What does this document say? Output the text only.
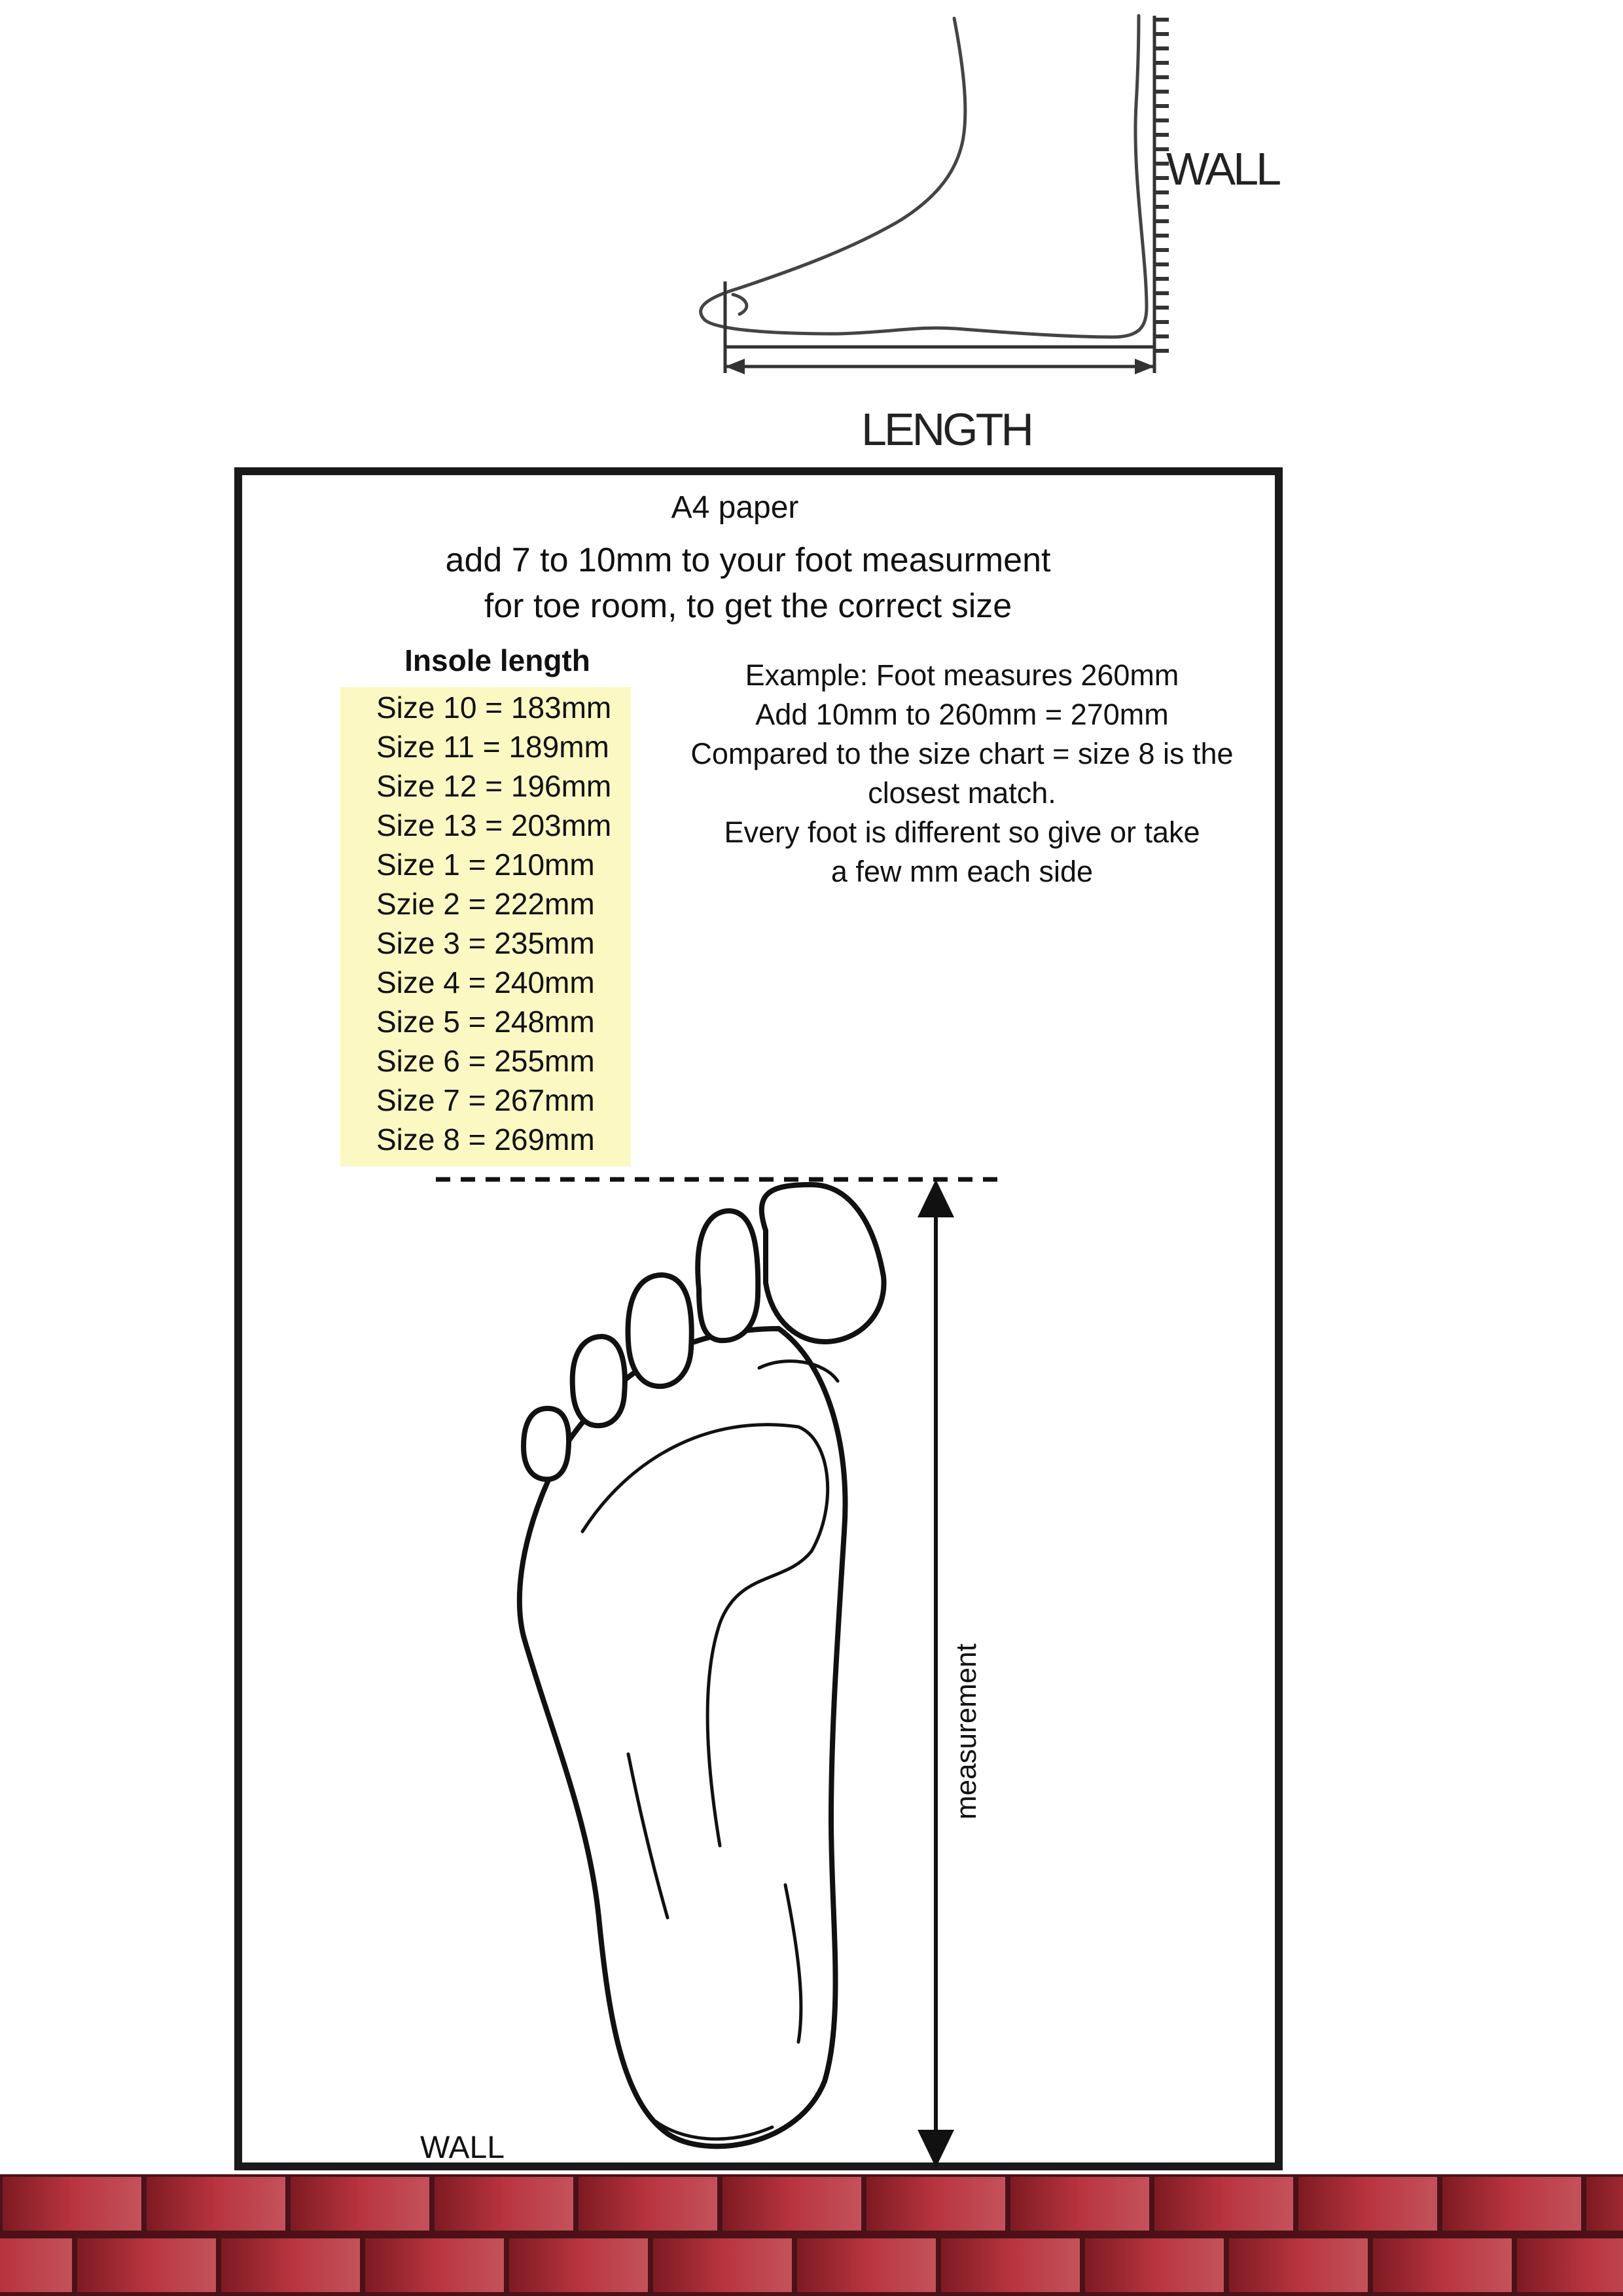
WALL
LENGTH
A4 paper
add 7 to 10mm to your foot measurment
for toe room, to get the correct size
Insole length
Size 10 = 183mm
Size 11 = 189mm
Size 12 = 196mm
Size 13 = 203mm
Size 1 = 210mm
Szie 2 = 222mm
Size 3 = 235mm
Size 4 = 240mm
Size 5 = 248mm
Size 6 = 255mm
Size 7 = 267mm
Size 8 = 269mm
Example: Foot measures 260mm
Add 10mm to 260mm = 270mm
Compared to the size chart = size 8 is the
closest match.
Every foot is different so give or take
a few mm each side
measurement
WALL
